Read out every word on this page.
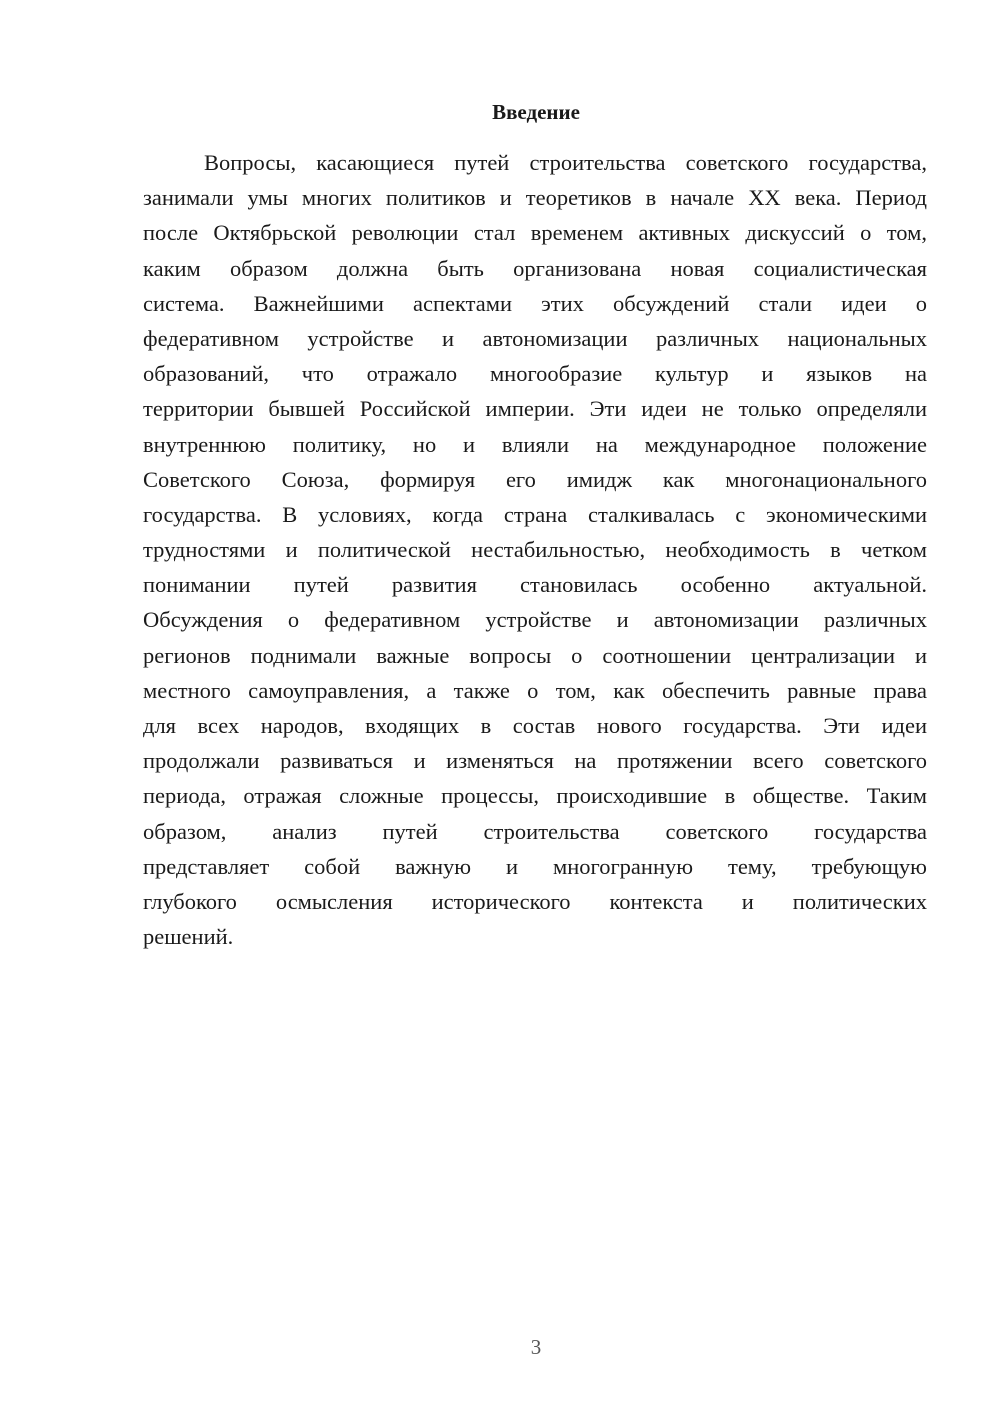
Введение
Вопросы, касающиеся путей строительства советского государства,
занимали умы многих политиков и теоретиков в начале XX века. Период
после Октябрьской революции стал временем активных дискуссий о том,
каким образом должна быть организована новая социалистическая
система. Важнейшими аспектами этих обсуждений стали идеи о
федеративном устройстве и автономизации различных национальных
образований, что отражало многообразие культур и языков на
территории бывшей Российской империи. Эти идеи не только определяли
внутреннюю политику, но и влияли на международное положение
Советского Союза, формируя его имидж как многонационального
государства. В условиях, когда страна сталкивалась с экономическими
трудностями и политической нестабильностью, необходимость в четком
понимании путей развития становилась особенно актуальной.
Обсуждения о федеративном устройстве и автономизации различных
регионов поднимали важные вопросы о соотношении централизации и
местного самоуправления, а также о том, как обеспечить равные права
для всех народов, входящих в состав нового государства. Эти идеи
продолжали развиваться и изменяться на протяжении всего советского
периода, отражая сложные процессы, происходившие в обществе. Таким
образом, анализ путей строительства советского государства
представляет собой важную и многогранную тему, требующую
глубокого осмысления исторического контекста и политических
решений.
3
